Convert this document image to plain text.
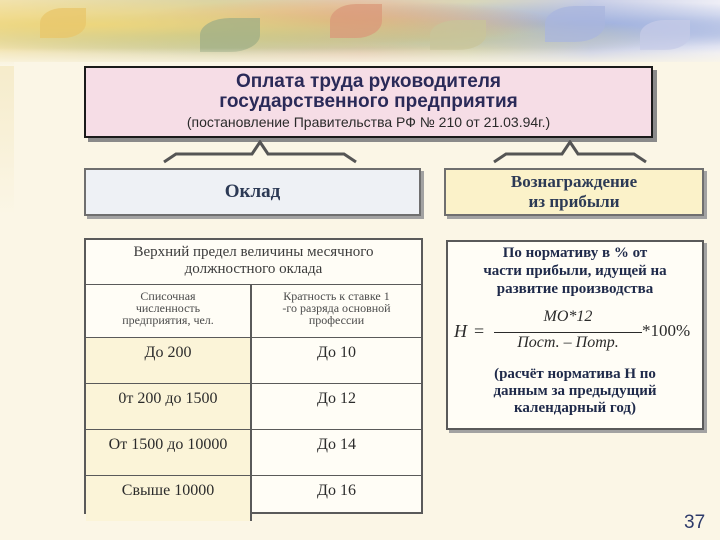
Оплата труда руководителя
государственного предприятия
(постановление Правительства РФ № 210 от 21.03.94г.)
Оклад	Вознаграждение
из прибыли
Верхний предел величины месячного
должностного оклада
Списочная
численность
предприятия, чел.
Кратность к ставке 1
-го разряда основной
профессии
До 200	До 10
0т 200 до 1500	До 12
От 1500 до 10000	До 14
Свыше 10000	До 16
По нормативу в % от
части прибыли, идущей на
развитие производства
H =
МО*12
Пост. – Потр.
*100%
(расчёт норматива Н по
данным за предыдущий
календарный год)
37
